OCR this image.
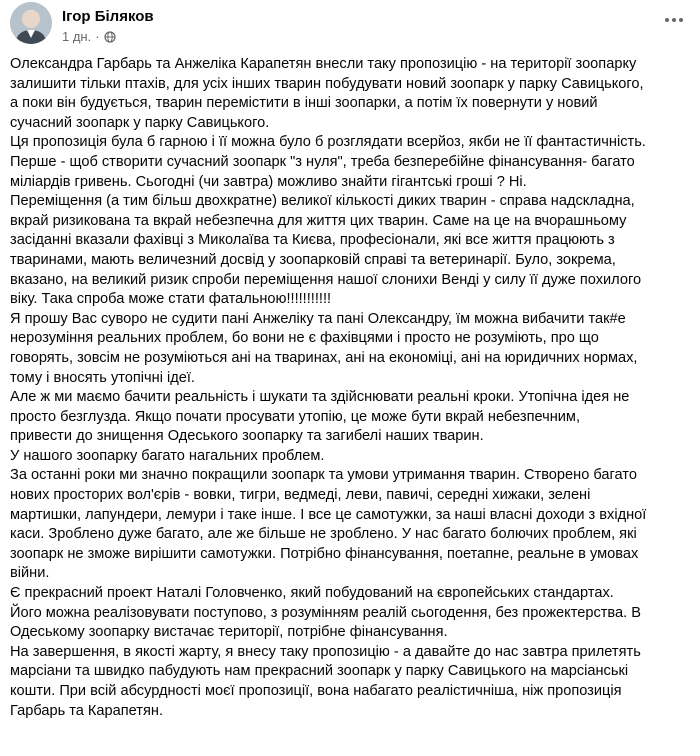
Ігор Біляков
1 дн. ·

Олександра Гарбарь та Анжеліка Карапетян внесли таку пропозицію - на території зоопарку

залишити тільки птахів, для усіх інших тварин побудувати новий зоопарк у парку Савицького,

а поки він будується, тварин перемістити в інші зоопарки, а потім їх повернути у новий

сучасний зоопарк у парку Савицького.

Ця пропозиція була б гарною і її можна було б розглядати всерйоз, якби не її фантастичність.

Перше - щоб створити сучасний зоопарк "з нуля", треба безперебійне фінансування- багато

міліардів гривень. Сьогодні (чи завтра) можливо знайти гігантські гроші ? Ні.

Переміщення (а тим більш двохкратне) великої кількості диких тварин - справа надскладна,

вкрай ризикована та вкрай небезпечна для життя цих тварин. Саме на це на вчорашньому

засіданні вказали фахівці з Миколаїва та Києва, професіонали, які все життя працюють з

тваринами, мають величезний досвід у зоопарковій справі та ветеринарії. Було, зокрема,

вказано, на великий ризик спроби переміщення нашої слонихи Венді у силу її дуже похилого

віку. Така спроба може стати фатальною!!!!!!!!!!!

Я прошу Вас суворо не судити пані Анжеліку та пані Олександру, їм можна вибачити так#е

нерозуміння реальних проблем, бо вони не є фахівцями і просто не розуміють, про що

говорять, зовсім не розуміються ані на тваринах, ані на економіці, ані на юридичних нормах,

тому і вносять утопічні ідеї.

Але ж ми маємо бачити реальність і шукати та здійснювати реальні кроки. Утопічна ідея не

просто безглузда. Якщо почати просувати утопію, це може бути вкрай небезпечним,

привести до знищення Одеського зоопарку та загибелі наших тварин.

У нашого зоопарку багато нагальних проблем.

За останні роки ми значно покращили зоопарк та умови утримання тварин. Створено багато

нових просторих вол'єрів - вовки, тигри, ведмеді, леви, павичі, середні хижаки, зелені

мартишки, лапундери, лемури і таке інше. І все це самотужки, за наші власні доходи з вхідної

каси. Зроблено дуже багато, але же більше не зроблено. У нас багато болючих проблем, які

зоопарк не зможе вирішити самотужки. Потрібно фінансування, поетапне, реальне в умовах

війни.

Є прекрасний проект Наталі Головченко, який побудований на європейських стандартах.

Його можна реалізовувати поступово, з розумінням реалій сьогодення, без прожектерства. В

Одеському зоопарку вистачає території, потрібне фінансування.

На завершення, в якості жарту, я внесу таку пропозицію - а давайте до нас завтра прилетять

марсіани та швидко пабудують нам прекрасний зоопарк у парку Савицького на марсіанські

кошти. При всій абсурдності моєї пропозиції, вона набагато реалістичніша, ніж пропозиція

Гарбарь та Карапетян.
